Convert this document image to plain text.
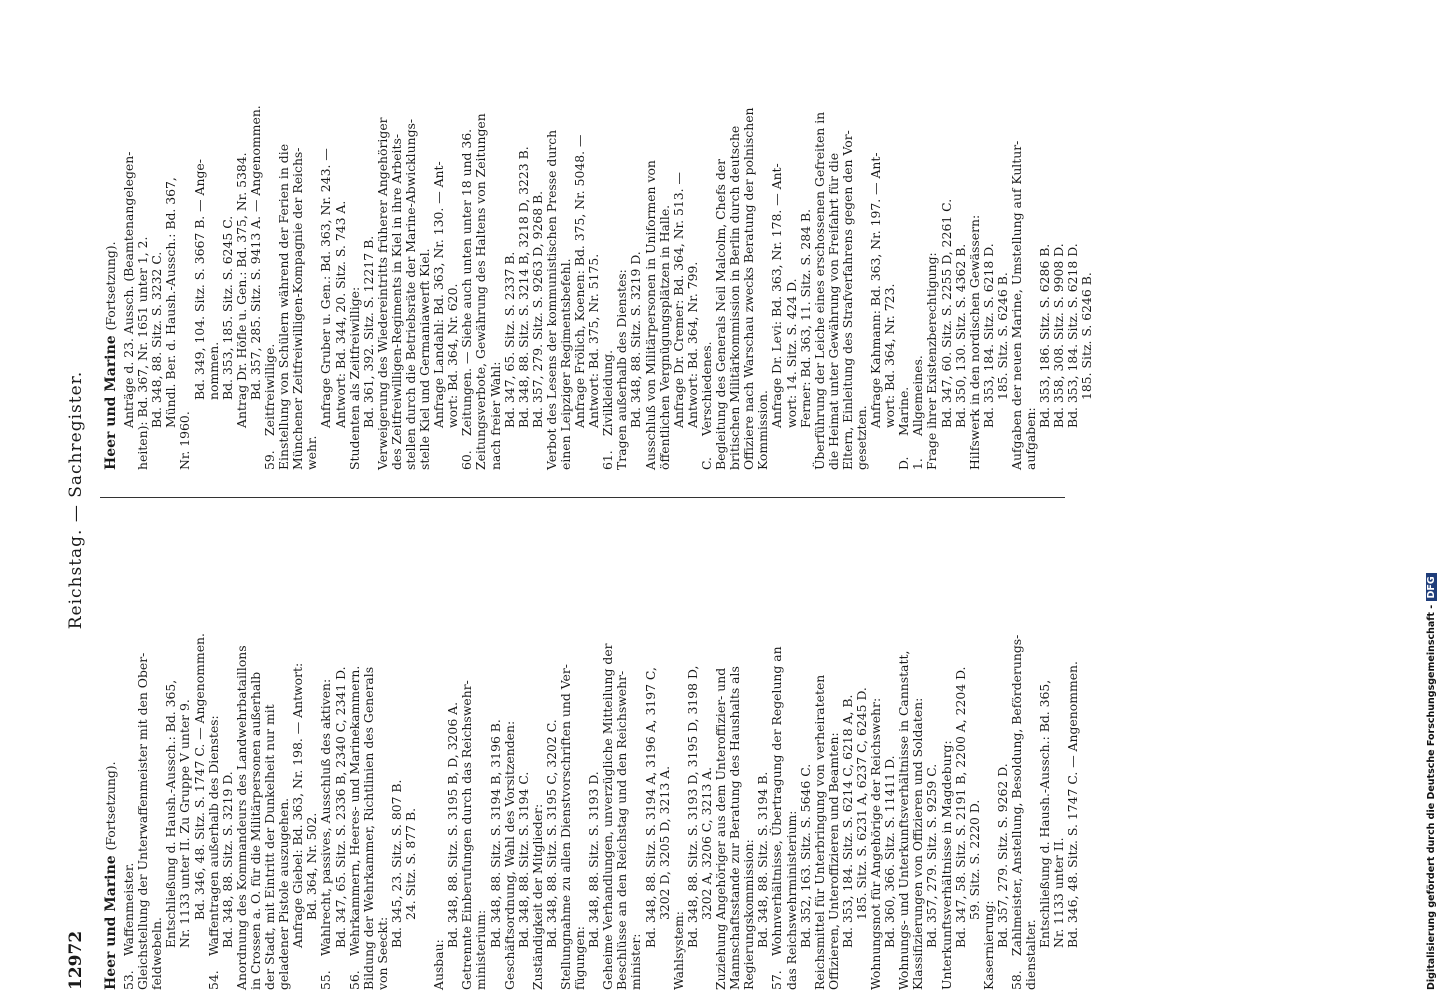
12972
Reichstag. — Sachregister.
Heer und Marine (Fortsetzung).
53.Waffenmeister. Gleichstellung der Unterwaffenmeister mit den Ober- feldwebeln.
Entschließung d. Haush.-Aussch.: Bd. 365, Nr. 1133 unter II. Zu Gruppe V unter 9. Bd. 346, 48. Sitz. S. 1747 C. — Angenommen.
54.Waffentragen außerhalb des Dienstes: Bd. 348, 88. Sitz. S. 3219 D. Anordnung des Kommandeurs des Landwehrbataillons in Crossen a. O. für die Militärpersonen außerhalb der Stadt, mit Eintritt der Dunkelheit nur mit geladener Pistole auszugehen. Anfrage Giebel: Bd. 363, Nr. 198. — Antwort: Bd. 364, Nr. 502.
55.Wahlrecht, passives, Ausschluß des aktiven: Bd. 347, 65. Sitz. S. 2336 B, 2340 C, 2341 D.
56.Wehrkammern, Heeres- und Marinekammern. Bildung der Wehrkammer, Richtlinien des Generals von Seeckt:
Bd. 345, 23. Sitz. S. 807 B. 24. Sitz. S. 877 B.

Ausbau:
Bd. 348, 88. Sitz. S. 3195 B, D, 3206 A. Getrennte Einberufungen durch das Reichswehr- ministerium:
Bd. 348, 88. Sitz. S. 3194 B, 3196 B. Geschäftsordnung, Wahl des Vorsitzenden: Bd. 348, 88. Sitz. S. 3194 C. Zuständigkeit der Mitglieder: Bd. 348, 88. Sitz. S. 3195 C, 3202 C. Stellungnahme zu allen Dienstvorschriften und Ver- fügungen:
Bd. 348, 88. Sitz. S. 3193 D. Geheime Verhandlungen, unverzügliche Mitteilung der Beschlüsse an den Reichstag und den Reichswehr- minister:
Bd. 348, 88. Sitz. S. 3194 A, 3196 A, 3197 C, 3202 D, 3205 D, 3213 A.
Wahlsystem:
Bd. 348, 88. Sitz. S. 3193 D, 3195 D, 3198 D, 3202 A, 3206 C, 3213 A. Zuziehung Angehöriger aus dem Unteroffizier- und Mannschaftsstande zur Beratung des Haushalts als Regierungskommission: Bd. 348, 88. Sitz. S. 3194 B.
57.Wohnverhältnisse, Übertragung der Regelung an das Reichswehrministerium: Bd. 352, 163. Sitz. S. 5646 C. Reichsmittel für Unterbringung von verheirateten Offizieren, Unteroffizieren und Beamten: Bd. 353, 184. Sitz. S. 6214 C, 6218 A, B. 185. Sitz. S. 6231 A, 6237 C, 6245 D. Wohnungsnot für Angehörige der Reichswehr: Bd. 360, 366. Sitz. S. 11411 D. Wohnungs- und Unterkunftsverhältnisse in Cannstatt, Klassifizierungen von Offizieren und Soldaten: Bd. 357, 279. Sitz. S. 9259 C. Unterkunftsverhältnisse in Magdeburg: Bd. 347, 58. Sitz. S. 2191 B, 2200 A, 2204 D. 59. Sitz. S. 2220 D.
Kasernierung: Bd. 357, 279. Sitz. S. 9262 D.
58.Zahlmeister, Anstellung, Besoldung, Beförderungs- dienstalter.
Entschließung d. Haush.-Aussch.: Bd. 365, Nr. 1133 unter II. Bd. 346, 48. Sitz. S. 1747 C. — Angenommen.
Heer und Marine (Fortsetzung). Anträge d. 23. Aussch. (Beamtenangelegen- heiten): Bd. 367, Nr. 1651 unter 1, 2. Bd. 348, 88. Sitz. S. 3232 C. Mündl. Ber. d. Haush.-Aussch.: Bd. 367,
Nr. 1960.
Bd. 349, 104. Sitz. S. 3667 B. — Ange- nommen. Bd. 353, 185. Sitz. S. 6245 C. Antrag Dr. Höfle u. Gen.: Bd. 375, Nr. 5384. Bd. 357, 285. Sitz. S. 9413 A. — Angenommen.
59.Zeitfreiwillige. Einstellung von Schülern während der Ferien in die Münchener Zeitfreiwilligen-Kompagnie der Reichs- wehr.
Anfrage Gruber u. Gen.: Bd. 363, Nr. 243. — Antwort: Bd. 344, 20. Sitz. S. 743 A. Studenten als Zeitfreiwillige: Bd. 361, 392. Sitz. S. 12217 B. Verweigerung des Wiedereintritts früherer Angehöriger des Zeitfreiwilligen-Regiments in Kiel in ihre Arbeits- stellen durch die Betriebsräte der Marine-Abwicklungs- stelle Kiel und Germaniawerft Kiel. Anfrage Landahl: Bd. 363, Nr. 130. — Ant- wort: Bd. 364, Nr. 620.
60.Zeitungen. — Siehe auch unten unter 18 und 36. Zeitungsverbote, Gewährung des Haltens von Zeitungen nach freier Wahl: Bd. 347, 65. Sitz. S. 2337 B. Bd. 348, 88. Sitz. S. 3214 B, 3218 D, 3223 B. Bd. 357, 279. Sitz. S. 9263 D, 9268 B. Verbot des Lesens der kommunistischen Presse durch einen Leipziger Regimentsbefehl. Anfrage Frölich, Koenen: Bd. 375, Nr. 5048. — Antwort: Bd. 375, Nr. 5175.
61.Zivilkleidung. Tragen außerhalb des Dienstes: Bd. 348, 88. Sitz. S. 3219 D. Ausschluß von Militärpersonen in Uniformen von öffentlichen Vergnügungsplätzen in Halle. Anfrage Dr. Cremer: Bd. 364, Nr. 513. — Antwort: Bd. 364, Nr. 799.
C.Verschiedenes. Begleitung des Generals Neil Malcolm, Chefs der britischen Militärkommission in Berlin durch deutsche Offiziere nach Warschau zwecks Beratung der polnischen Kommission.
Anfrage Dr. Levi: Bd. 363, Nr. 178. — Ant- wort: 14. Sitz. S. 424 D. Ferner: Bd. 363, 11. Sitz. S. 284 B. Überführung der Leiche eines erschossenen Gefreiten in die Heimat unter Gewährung von Freifahrt für die Eltern, Einleitung des Strafverfahrens gegen den Vor- gesetzten.
Anfrage Kahmann: Bd. 363, Nr. 197. — Ant- wort: Bd. 364, Nr. 723.
D.Marine.
1.Allgemeines. Frage ihrer Existenzberechtigung: Bd. 347, 60. Sitz. S. 2255 D, 2261 C. Bd. 350, 130. Sitz. S. 4362 B. Hilfswerk in den nordischen Gewässern: Bd. 353, 184. Sitz. S. 6218 D. 185. Sitz. S. 6246 B. Aufgaben der neuen Marine, Umstellung auf Kultur- aufgaben:
Bd. 353, 186. Sitz. S. 6286 B. Bd. 358, 308. Sitz. S. 9908 D. Bd. 353, 184. Sitz. S. 6218 D. 185. Sitz. S. 6246 B.
Digitalisierung gefördert durch die Deutsche Forschungsgemeinschaft - DFG
